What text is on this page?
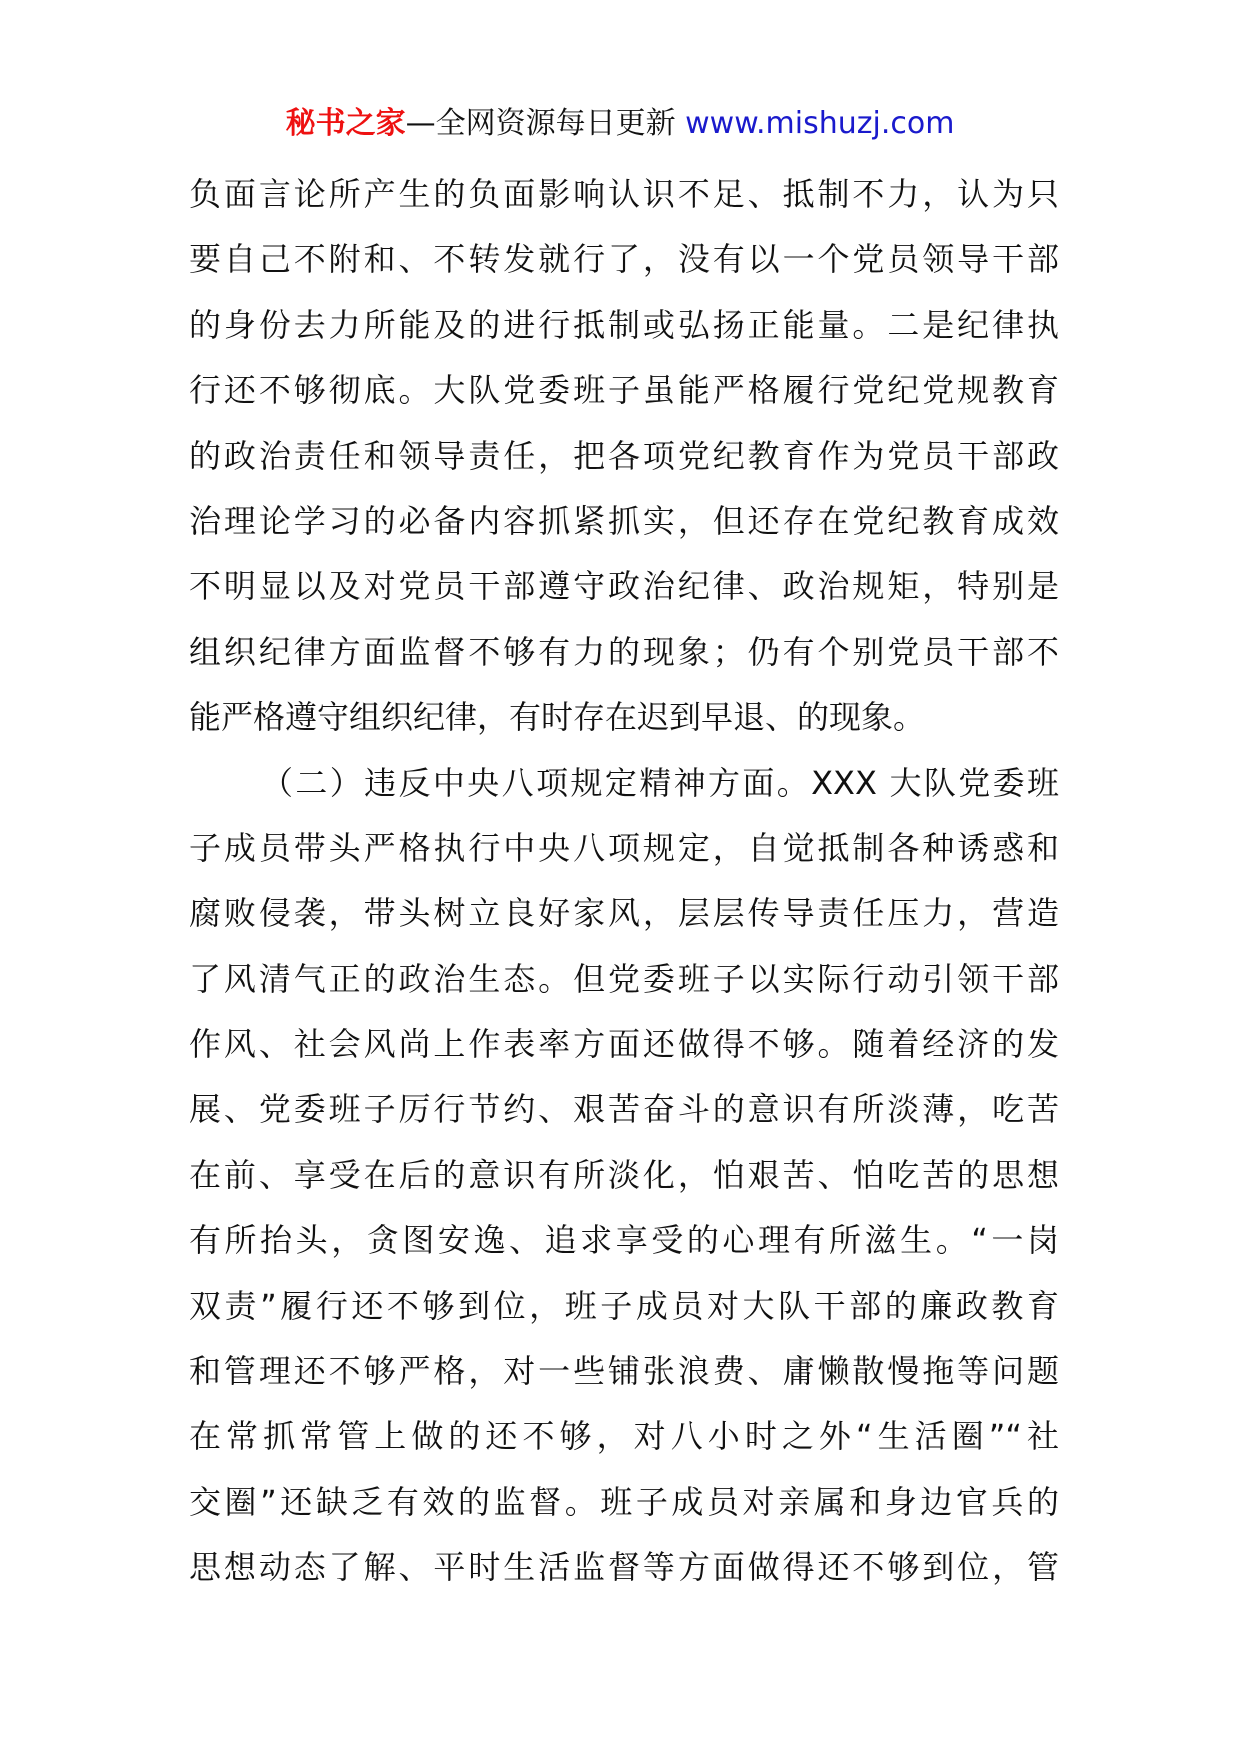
秘书之家—全网资源每日更新 www.mishuzj.com
负面言论所产生的负面影响认识不足、抵制不力，认为只
要自己不附和、不转发就行了，没有以一个党员领导干部
的身份去力所能及的进行抵制或弘扬正能量。二是纪律执
行还不够彻底。大队党委班子虽能严格履行党纪党规教育
的政治责任和领导责任，把各项党纪教育作为党员干部政
治理论学习的必备内容抓紧抓实，但还存在党纪教育成效
不明显以及对党员干部遵守政治纪律、政治规矩，特别是
组织纪律方面监督不够有力的现象；仍有个别党员干部不
能严格遵守组织纪律，有时存在迟到早退、的现象。
（二）违反中央八项规定精神方面。XXX 大队党委班
子成员带头严格执行中央八项规定，自觉抵制各种诱惑和
腐败侵袭，带头树立良好家风，层层传导责任压力，营造
了风清气正的政治生态。但党委班子以实际行动引领干部
作风、社会风尚上作表率方面还做得不够。随着经济的发
展、党委班子厉行节约、艰苦奋斗的意识有所淡薄，吃苦
在前、享受在后的意识有所淡化，怕艰苦、怕吃苦的思想
有所抬头，贪图安逸、追求享受的心理有所滋生。“一岗
双责”履行还不够到位，班子成员对大队干部的廉政教育
和管理还不够严格，对一些铺张浪费、庸懒散慢拖等问题
在常抓常管上做的还不够，对八小时之外“生活圈”“社
交圈”还缺乏有效的监督。班子成员对亲属和身边官兵的
思想动态了解、平时生活监督等方面做得还不够到位，管
